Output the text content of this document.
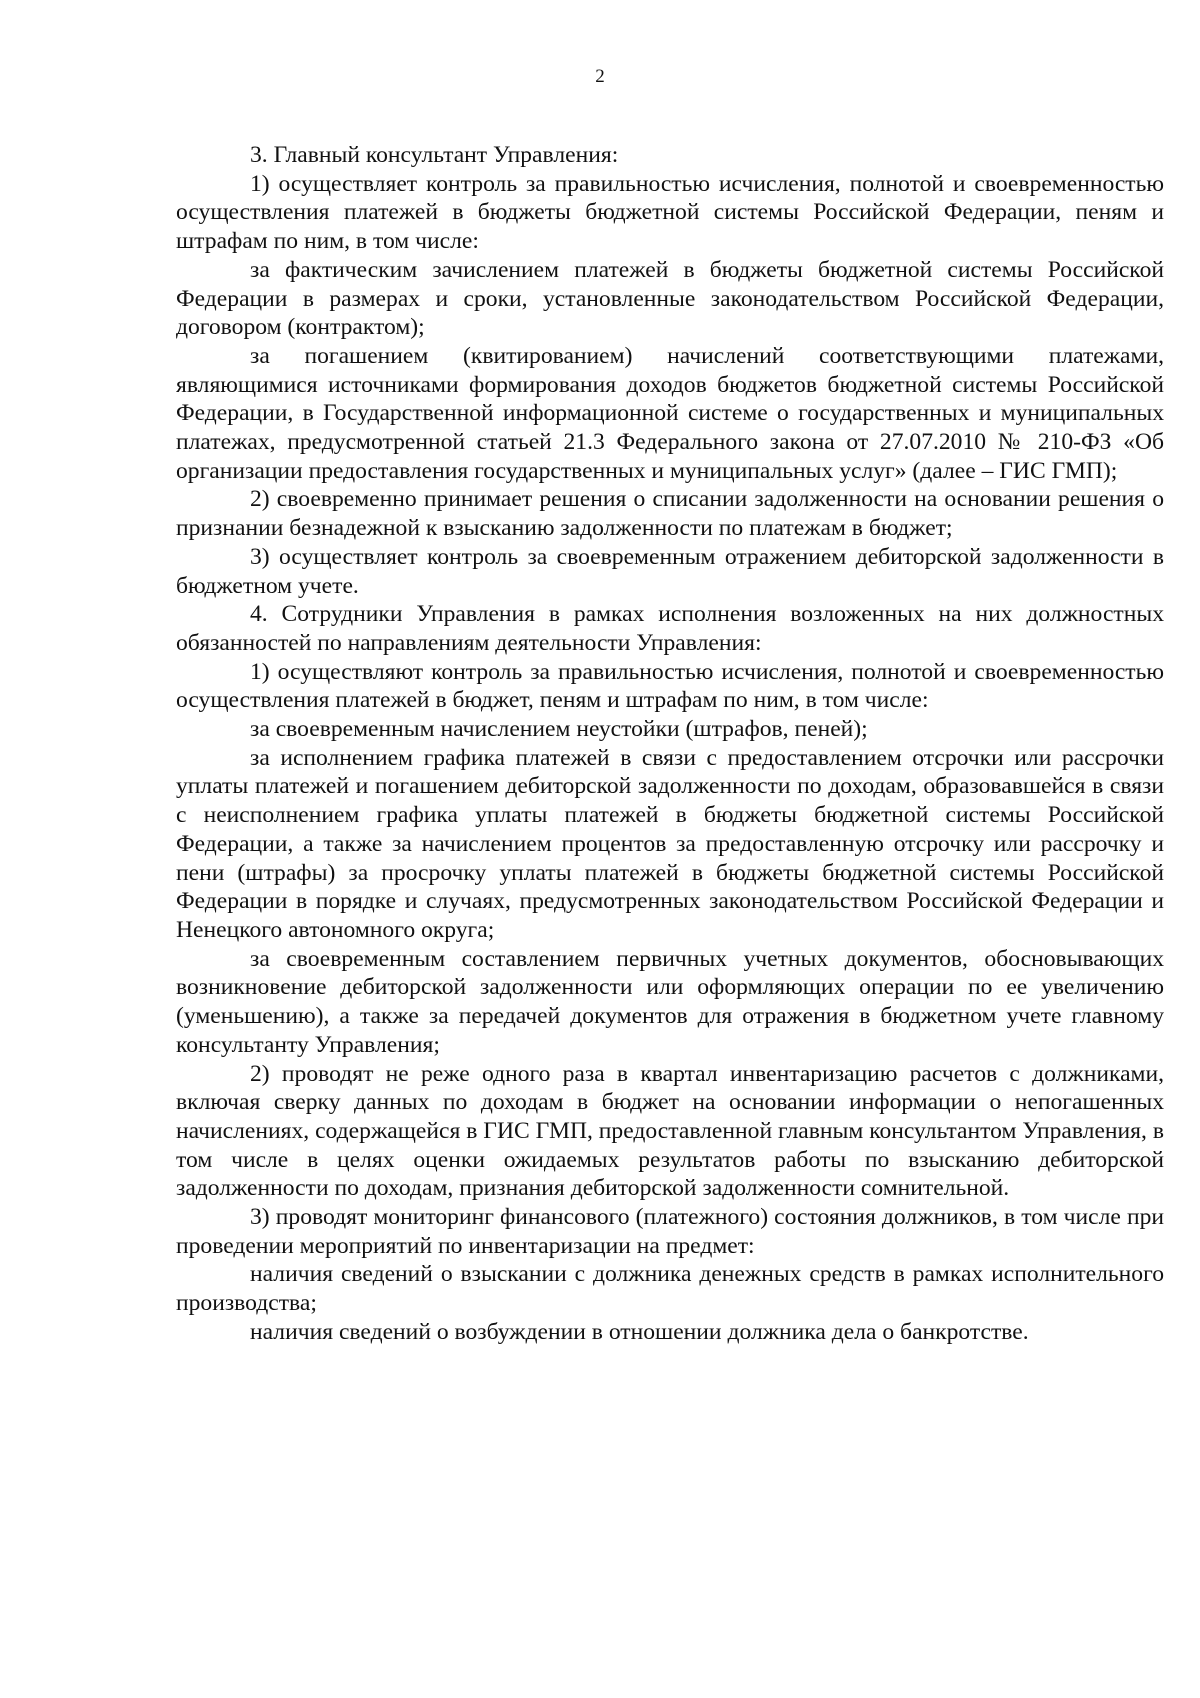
2

3. Главный консультант Управления:

1) осуществляет контроль за правильностью исчисления, полнотой и своевременностью осуществления платежей в бюджеты бюджетной системы Российской Федерации, пеням и штрафам по ним, в том числе:

за фактическим зачислением платежей в бюджеты бюджетной системы Российской Федерации в размерах и сроки, установленные законодательством Российской Федерации, договором (контрактом);

за погашением (квитированием) начислений соответствующими платежами, являющимися источниками формирования доходов бюджетов бюджетной системы Российской Федерации, в Государственной информационной системе о государственных и муниципальных платежах, предусмотренной статьей 21.3 Федерального закона от 27.07.2010 № 210-ФЗ «Об организации предоставления государственных и муниципальных услуг» (далее – ГИС ГМП);

2) своевременно принимает решения о списании задолженности на основании решения о признании безнадежной к взысканию задолженности по платежам в бюджет;

3) осуществляет контроль за своевременным отражением дебиторской задолженности в бюджетном учете.

4. Сотрудники Управления в рамках исполнения возложенных на них должностных обязанностей по направлениям деятельности Управления:

1) осуществляют контроль за правильностью исчисления, полнотой и своевременностью осуществления платежей в бюджет, пеням и штрафам по ним, в том числе:

за своевременным начислением неустойки (штрафов, пеней);

за исполнением графика платежей в связи с предоставлением отсрочки или рассрочки уплаты платежей и погашением дебиторской задолженности по доходам, образовавшейся в связи с неисполнением графика уплаты платежей в бюджеты бюджетной системы Российской Федерации, а также за начислением процентов за предоставленную отсрочку или рассрочку и пени (штрафы) за просрочку уплаты платежей в бюджеты бюджетной системы Российской Федерации в порядке и случаях, предусмотренных законодательством Российской Федерации и Ненецкого автономного округа;

за своевременным составлением первичных учетных документов, обосновывающих возникновение дебиторской задолженности или оформляющих операции по ее увеличению (уменьшению), а также за передачей документов для отражения в бюджетном учете главному консультанту Управления;

2) проводят не реже одного раза в квартал инвентаризацию расчетов с должниками, включая сверку данных по доходам в бюджет на основании информации о непогашенных начислениях, содержащейся в ГИС ГМП, предоставленной главным консультантом Управления, в том числе в целях оценки ожидаемых результатов работы по взысканию дебиторской задолженности по доходам, признания дебиторской задолженности сомнительной.

3) проводят мониторинг финансового (платежного) состояния должников, в том числе при проведении мероприятий по инвентаризации на предмет:

наличия сведений о взыскании с должника денежных средств в рамках исполнительного производства;

наличия сведений о возбуждении в отношении должника дела о банкротстве.
